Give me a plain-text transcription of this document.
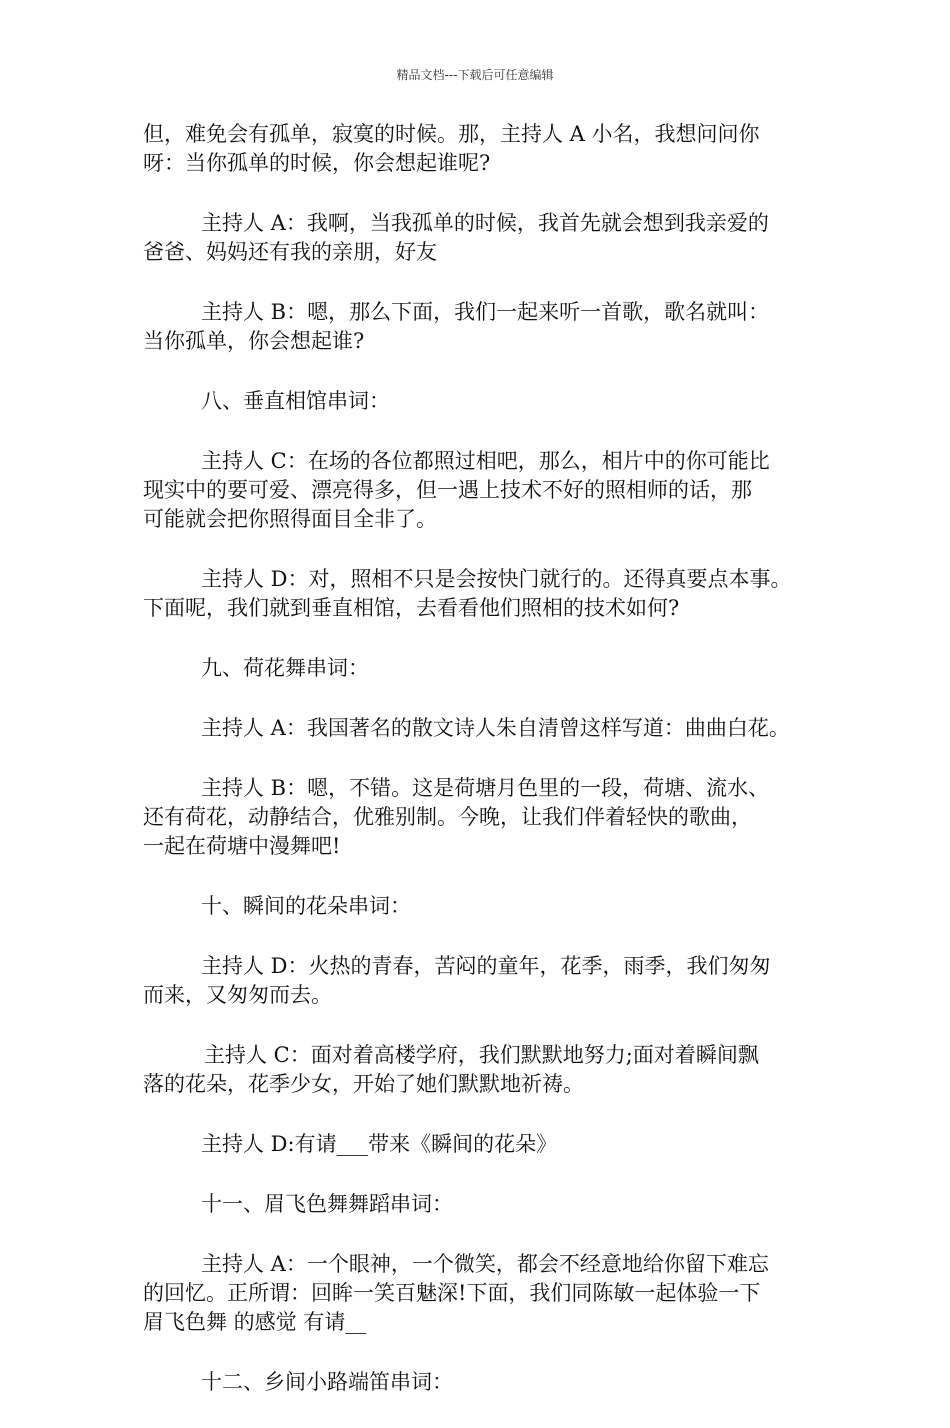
精品文档---下载后可任意编辑
但，难免会有孤单，寂寞的时候。那，主持人 A 小名，我想问问你
呀：当你孤单的时候，你会想起谁呢?
主持人 A：我啊，当我孤单的时候，我首先就会想到我亲爱的
爸爸、妈妈还有我的亲朋，好友
主持人 B：嗯，那么下面，我们一起来听一首歌，歌名就叫：
当你孤单，你会想起谁?
八、垂直相馆串词：
主持人 C：在场的各位都照过相吧，那么，相片中的你可能比
现实中的要可爱、漂亮得多，但一遇上技术不好的照相师的话，那
可能就会把你照得面目全非了。
主持人 D：对，照相不只是会按快门就行的。还得真要点本事。
下面呢，我们就到垂直相馆，去看看他们照相的技术如何?
九、荷花舞串词：
主持人 A：我国著名的散文诗人朱自清曾这样写道：曲曲白花。
主持人 B：嗯，不错。这是荷塘月色里的一段，荷塘、流水、
还有荷花，动静结合，优雅别制。今晚，让我们伴着轻快的歌曲，
一起在荷塘中漫舞吧!
十、瞬间的花朵串词：
主持人 D：火热的青春，苦闷的童年，花季，雨季，我们匆匆
而来，又匆匆而去。
主持人 C：面对着高楼学府，我们默默地努力;面对着瞬间飘
落的花朵，花季少女，开始了她们默默地祈祷。
主持人 D:有请___带来《瞬间的花朵》
十一、眉飞色舞舞蹈串词：
主持人 A：一个眼神，一个微笑，都会不经意地给你留下难忘
的回忆。正所谓：回眸一笑百魅深!下面，我们同陈敏一起体验一下
眉飞色舞 的感觉 有请__
十二、乡间小路端笛串词：
